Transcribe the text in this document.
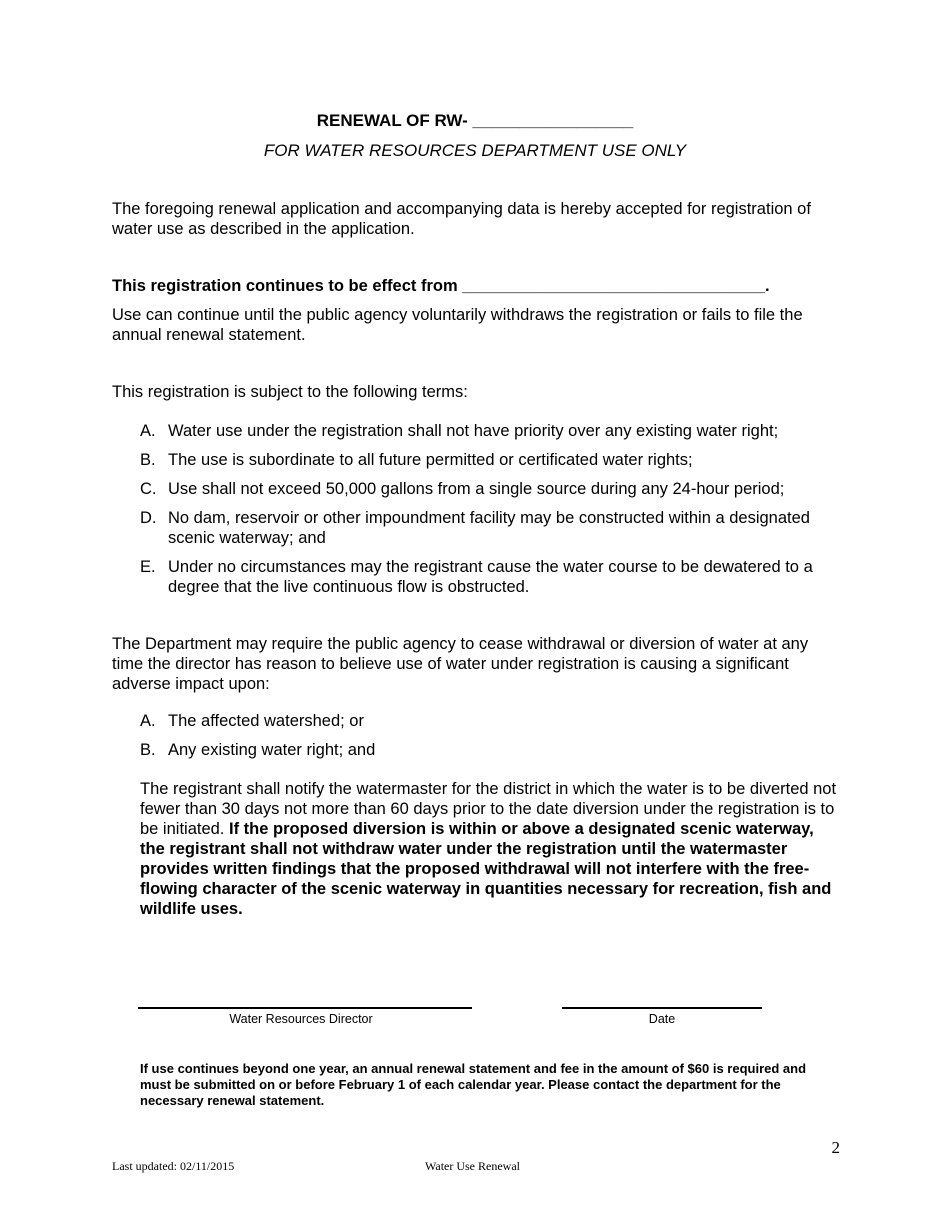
RENEWAL OF RW- _________________

FOR WATER RESOURCES DEPARTMENT USE ONLY

The foregoing renewal application and accompanying data is hereby accepted for registration of water use as described in the application.

This registration continues to be effect from _________________________________.

Use can continue until the public agency voluntarily withdraws the registration or fails to file the annual renewal statement.

This registration is subject to the following terms:

A. Water use under the registration shall not have priority over any existing water right;
B. The use is subordinate to all future permitted or certificated water rights;
C. Use shall not exceed 50,000 gallons from a single source during any 24-hour period;
D. No dam, reservoir or other impoundment facility may be constructed within a designated scenic waterway; and
E. Under no circumstances may the registrant cause the water course to be dewatered to a degree that the live continuous flow is obstructed.

The Department may require the public agency to cease withdrawal or diversion of water at any time the director has reason to believe use of water under registration is causing a significant adverse impact upon:

A. The affected watershed; or
B. Any existing water right; and

The registrant shall notify the watermaster for the district in which the water is to be diverted not fewer than 30 days not more than 60 days prior to the date diversion under the registration is to be initiated. If the proposed diversion is within or above a designated scenic waterway, the registrant shall not withdraw water under the registration until the watermaster provides written findings that the proposed withdrawal will not interfere with the free-flowing character of the scenic waterway in quantities necessary for recreation, fish and wildlife uses.

Water Resources Director	Date

If use continues beyond one year, an annual renewal statement and fee in the amount of $60 is required and must be submitted on or before February 1 of each calendar year. Please contact the department for the necessary renewal statement.

2
Last updated: 02/11/2015	Water Use Renewal
